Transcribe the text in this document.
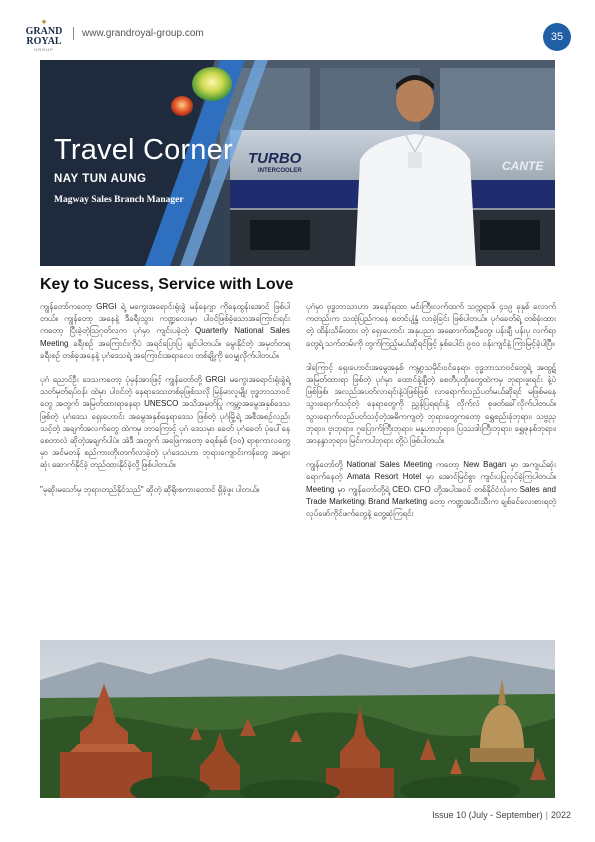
✦
GRAND
ROYAL
GROUP
www.grandroyal-group.com	35
TURBO
INTERCOOLER	CANTE
Travel Corner
NAY TUN AUNG
Magway Sales Branch Manager
Key to Sucess, Service with Love

ကျွန်တော်ကတော့ GRGI ရဲ့ မကွေးအရောင်းရုံးခွဲ မန်နေဂျာ ကိုနေထွန်းအောင် ဖြစ်ပါတယ်။ ကျွန်တော့ အနေနဲ့ ဒီခရီးသွား ကဏ္ဍလေးမှာ ပါဝင်ဖြစ်ခဲ့သောအကြောင်းရင်းကတော့ ပြီးခဲ့တဲ့သြဂုတ်လက ပုဂံမှာ ကျင်းပခဲ့တဲ့ Quarterly National Sales Meeting ခရီးစဉ် အကြောင်းကိုပဲ အရင်ပြောပြ ချင်ပါတယ်။ မွေးနိုင်တဲ့ အမှတ်တရ ခရီးစဉ် တစ်ခုအနေနဲ့ ပုဂံဒေသရဲ့ အကြောင်းအရာလေး တစ်ချို့ကို ဝေမျှလိုက်ပါတယ်။

ပုဂံ ညောင်ဦး ဒေသကတော့ ပုံမှန်အားဖြင့် ကျွန်တော်တို့ GRGI မကွေးအရောင်းရုံးခွဲရဲ့ သတ်မှတ်ရပ်ဝန်း ထဲမှာ ပါဝင်တဲ့ နေရာဒေသတစ်ခုဖြစ်သလို မြန်မာလူမျိုး ဗုဒ္ဓဘာသာဝင်တွေ အတွက် အမြတ်ထားရာနေရာ UNESCO အသိအမှတ်ပြု ကမ္ဘာ့အမွေအနှစ်ဒေသဖြစ်တဲ့ ပုဂံဒေသ ရှေးဟောင်း အမွေအနှစ်နေရာဒေသ ဖြစ်တဲ့ ပုဂံမြို့ရဲ့ အစီအစဉ်လည်း သင့်တဲ့ အချက်အလက်တွေ ထဲကမှ ဘာကြောင့် ပုဂံ ဒေသမှာ ခေတ် ပုဂံခေတ် ပုံပေါ်နေစေတာလဲ ဆိုတဲ့အချက်ပါပဲ။ အဲဒီ အတွက် အဖြေကတော့ ခရစ်နှစ် (၁၀) ရာစုကာလတွေမှာ အင်မတန် စည်ကားတိုးတက်လာခဲ့တဲ့ ပုဂံဒေသဟာ ဘုရားကျောင်းကန်တွေ အများဆုံး ဆောက်နိုင်ခဲ့ တည်ထားနိုင်ခဲ့လို့ဖြစ်ပါတယ်။

"မုဆိုးမသော်မှ ဘုရားတည်နိုင်သည်" ဆိုတဲ့ ဆိုရိုးစကားတောင် ရှိခဲ့ဖူး ပါတယ်။

ပုဂံမှာ ဗုဒ္ဓဘာသာဟာ အနော်ရထာ မင်းကြီးလက်ထက် သက္ကရာဇ် ၄၁၉ ခုနှစ် လောက်ကတည်းက သထုံပြည်ကနေ စတင်ပျံ့နှံ့ လာခဲ့ခြင်း ဖြစ်ပါတယ်။ ပုဂံခေတ်ရဲ့ တစ်ခုံးထားတဲ့ ထိန်းသိမ်းထား တဲ့ ရှေးဟောင်း အနုပညာ အဆောက်အဦတွေ၊ ပန်းချီ ပန်းပု လက်ရာတွေရဲ့ သက်တမ်းကို တွက်ကြည့်မယ်ဆိုရင်ဖြင့် နှစ်ပေါင်း ၉၀၀ ဝန်းကျင်နဲ့ ကြာမြင့်ခဲ့ပါပြီ။

ဒါကြောင့် ရှေးဟောင်းအမွေအနှစ် ကမ္ဘာ့သမိုင်းဝင်နေရာ၊ ဗုဒ္ဓဘာသာဝင်တွေရဲ့ အထွဋ်အမြတ်ထားရာ ဖြစ်တဲ့ ပုဂံမှာ ထောင်နဲ့ချီတဲ့ စေတီပုထိုးတွေထဲကမှ ဘုရားဖူးရင်း နဲ့ပဲ ဖြစ်ဖြစ်၊ အလည်အပတ်လာရင်းနဲ့ပဲဖြစ်ဖြစ် လာရောက်လည်ပတ်မယ်ဆိုရင် မဖြစ်မနေ သွားရောက်သင့်တဲ့ နေရာတွေကို ညွှန်ပြရရင်းနဲ့ လိုက်လံ စုဖတ်ခေါ်လိုက်ပါတယ်။ သွားရောက်လည်ပတ်သင့်တဲ့အဓိကကျတဲ့ ဘုရားတွေကတော့ ရွှေစည်းခုံဘုရား၊ သဗ္ဗညုဘုရား၊ ဗူးဘုရား၊ ဂူပြောက်ကြီးဘုရား၊ မနူဟာဘုရား၊ ပြဿဒါးကြီးဘုရား၊ ရွှေဇုနစ်ဘုရား၊ အာနန္ဒာဘုရား၊ မြင်းကပါဘုရား တို့ပဲ ဖြစ်ပါတယ်။

ကျွန်တော်တို့ National Sales Meeting ကတော့ New Bagan မှာ အကျယ်ဆုံးရောက်နေတဲ့ Amata Resort Hotel မှာ အောင်မြင်စွာ ကျင်းပပြုလုပ်ခဲ့ကြပါတယ်။ Meeting မှာ ကျွန်တော်တို့ရဲ့ CEO၊ CFO တို့အပါအဝင် တစ်နိုင်ငံလုံးက Sales and Trade Marketing၊ Brand Marketing တော့ ကဏ္ဍအသီးသီးက ချစ်ခင်လေးစားရတဲ့ လုပ်ဖော်ကိုင်ဖက်တွေနဲ့ တွေ့ဆုံကြရင်း

Issue 10 (July - September) | 2022
